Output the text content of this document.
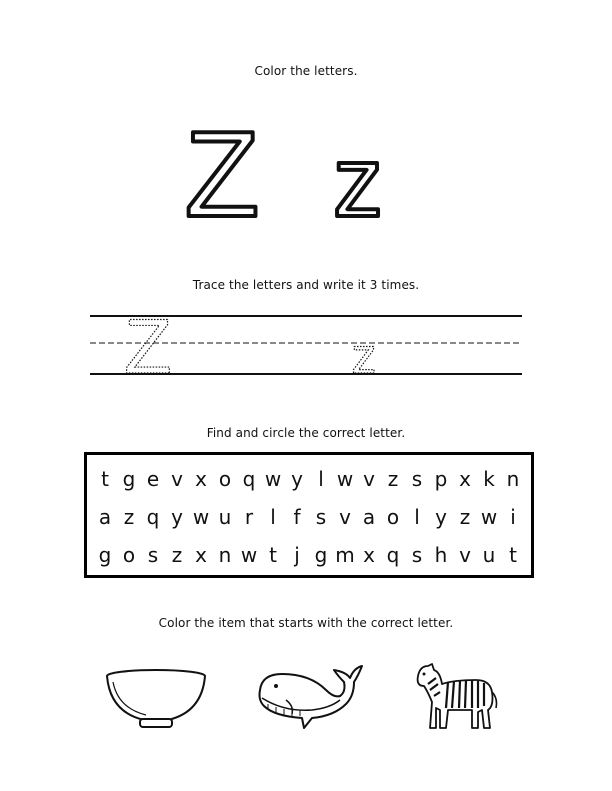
Color the letters.
Z z
Trace the letters and write it 3 times.
Z	z
Find and circle the correct letter.
t g e v x o q w y l w v z s p x k n
a z q y w u r l f s v a o l y z w i
g o s z x n w t j g m x q s h v u t
Color the item that starts with the correct letter.
